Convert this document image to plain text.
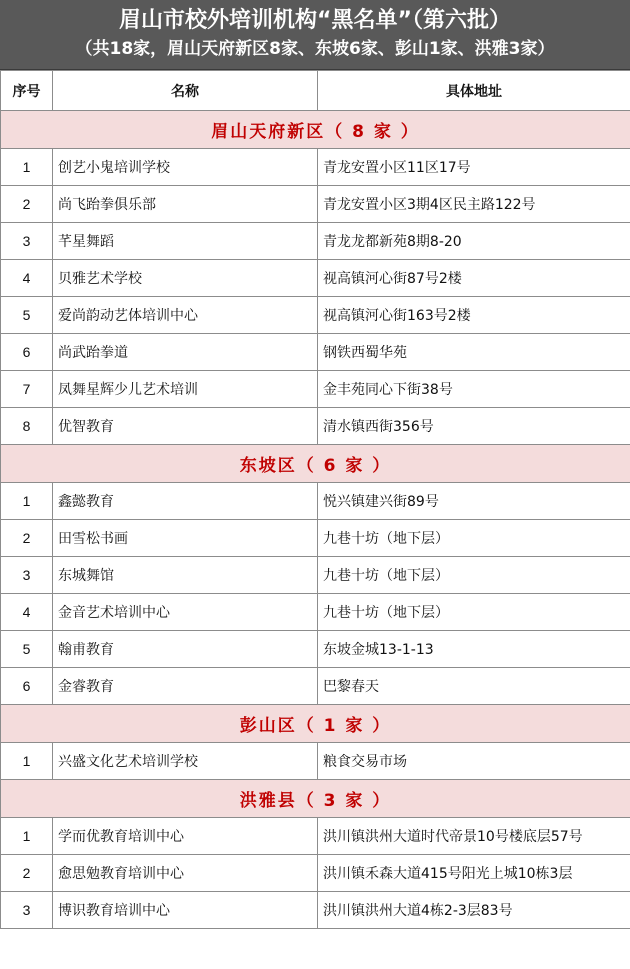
眉山市校外培训机构“黑名单”（第六批）
（共18家，眉山天府新区8家、东坡6家、彭山1家、洪雅3家）
序号	名称	具体地址
眉山天府新区（ 8 家 ）		
1	创艺小鬼培训学校	青龙安置小区11区17号
2	尚飞跆拳俱乐部	青龙安置小区3期4区民主路122号
3	芊星舞蹈	青龙龙都新苑8期8-20
4	贝雅艺术学校	视高镇河心街87号2楼
5	爱尚韵动艺体培训中心	视高镇河心街163号2楼
6	尚武跆拳道	钢铁西蜀华苑
7	凤舞星辉少儿艺术培训	金丰苑同心下街38号
8	优智教育	清水镇西街356号
东坡区（ 6 家 ）		
1	鑫懿教育	悦兴镇建兴街89号
2	田雪松书画	九巷十坊（地下层）
3	东城舞馆	九巷十坊（地下层）
4	金音艺术培训中心	九巷十坊（地下层）
5	翰甫教育	东坡金城13-1-13
6	金睿教育	巴黎春天
彭山区（ 1 家 ）		
1	兴盛文化艺术培训学校	粮食交易市场
洪雅县（ 3 家 ）		
1	学而优教育培训中心	洪川镇洪州大道时代帝景10号楼底层57号
2	愈思勉教育培训中心	洪川镇禾森大道415号阳光上城10栋3层
3	博识教育培训中心	洪川镇洪州大道4栋2-3层83号
